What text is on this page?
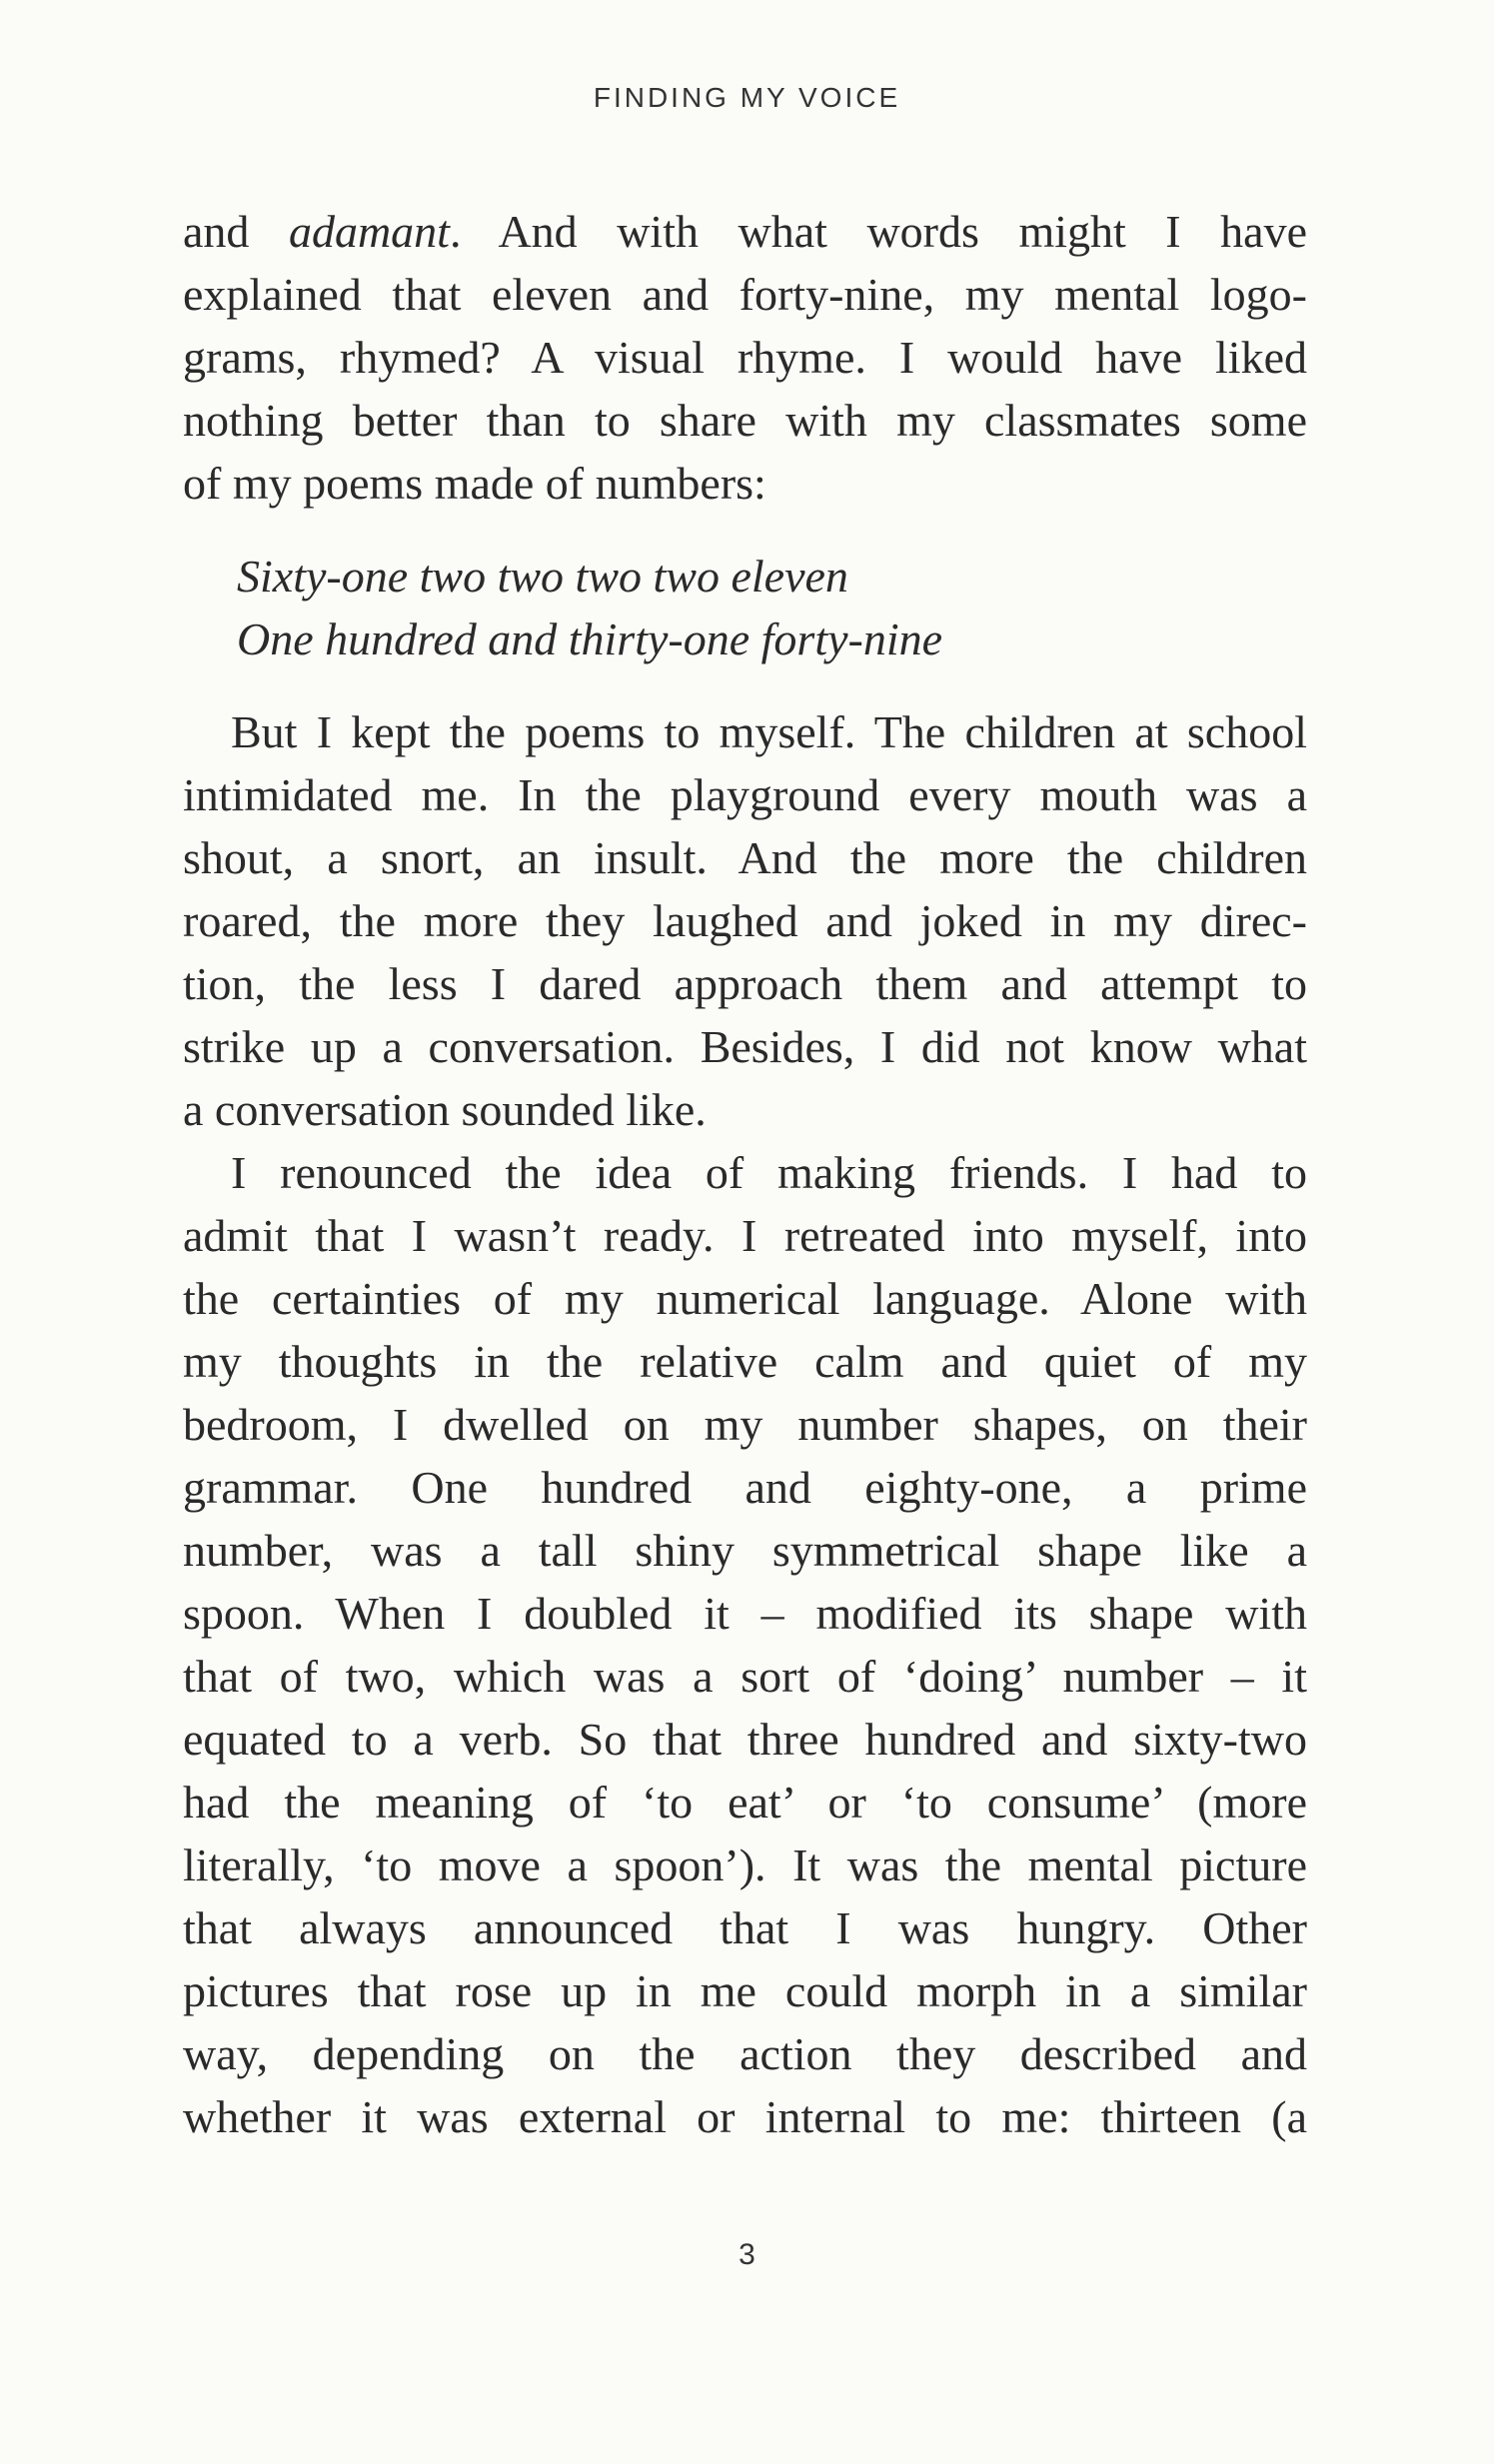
FINDING MY VOICE
and adamant. And with what words might I have
explained that eleven and forty-nine, my mental logo-
grams, rhymed? A visual rhyme. I would have liked
nothing better than to share with my classmates some
of my poems made of numbers:
Sixty-one two two two two eleven
One hundred and thirty-one forty-nine
But I kept the poems to myself. The children at school
intimidated me. In the playground every mouth was a
shout, a snort, an insult. And the more the children
roared, the more they laughed and joked in my direc-
tion, the less I dared approach them and attempt to
strike up a conversation. Besides, I did not know what
a conversation sounded like.
I renounced the idea of making friends. I had to
admit that I wasn’t ready. I retreated into myself, into
the certainties of my numerical language. Alone with
my thoughts in the relative calm and quiet of my
bedroom, I dwelled on my number shapes, on their
grammar. One hundred and eighty-one, a prime
number, was a tall shiny symmetrical shape like a
spoon. When I doubled it – modified its shape with
that of two, which was a sort of ‘doing’ number – it
equated to a verb. So that three hundred and sixty-two
had the meaning of ‘to eat’ or ‘to consume’ (more
literally, ‘to move a spoon’). It was the mental picture
that always announced that I was hungry. Other
pictures that rose up in me could morph in a similar
way, depending on the action they described and
whether it was external or internal to me: thirteen (a
3
